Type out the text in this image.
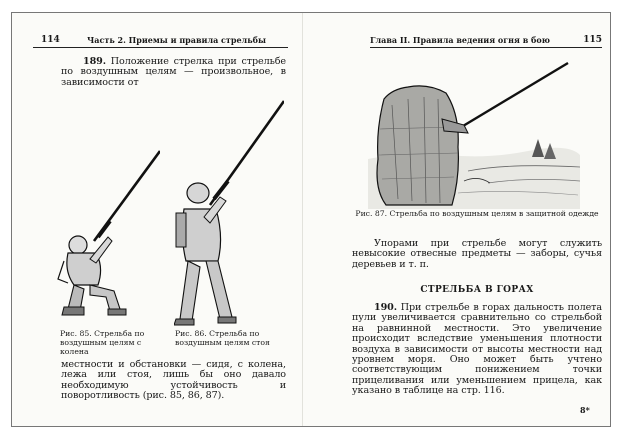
114	Часть 2. Приемы и правила стрельбы
189. Положение стрелка при стрельбе по воздушным целям — произвольное, в зависимости от
Рис. 85. Стрельба по воздушным целям с колена
Рис. 86. Стрельба по воздушным целям стоя
местности и обстановки — сидя, с колена, лежа или стоя, лишь бы оно давало необходимую устойчивость и поворотливость (рис. 85, 86, 87).
Глава II. Правила ведения огня в бою	115
Рис. 87. Стрельба по воздушным целям в защитной одежде
Упорами при стрельбе могут служить невысокие отвесные предметы — заборы, сучья деревьев и т. п.
СТРЕЛЬБА В ГОРАХ
190. При стрельбе в горах дальность полета пули увеличивается сравнительно со стрельбой на равнинной местности. Это увеличение происходит вследствие уменьшения плотности воздуха в зависимости от высоты местности над уровнем моря. Оно может быть учтено соответствующим понижением точки прицеливания или уменьшением прицела, как указано в таблице на стр. 116.
8*
